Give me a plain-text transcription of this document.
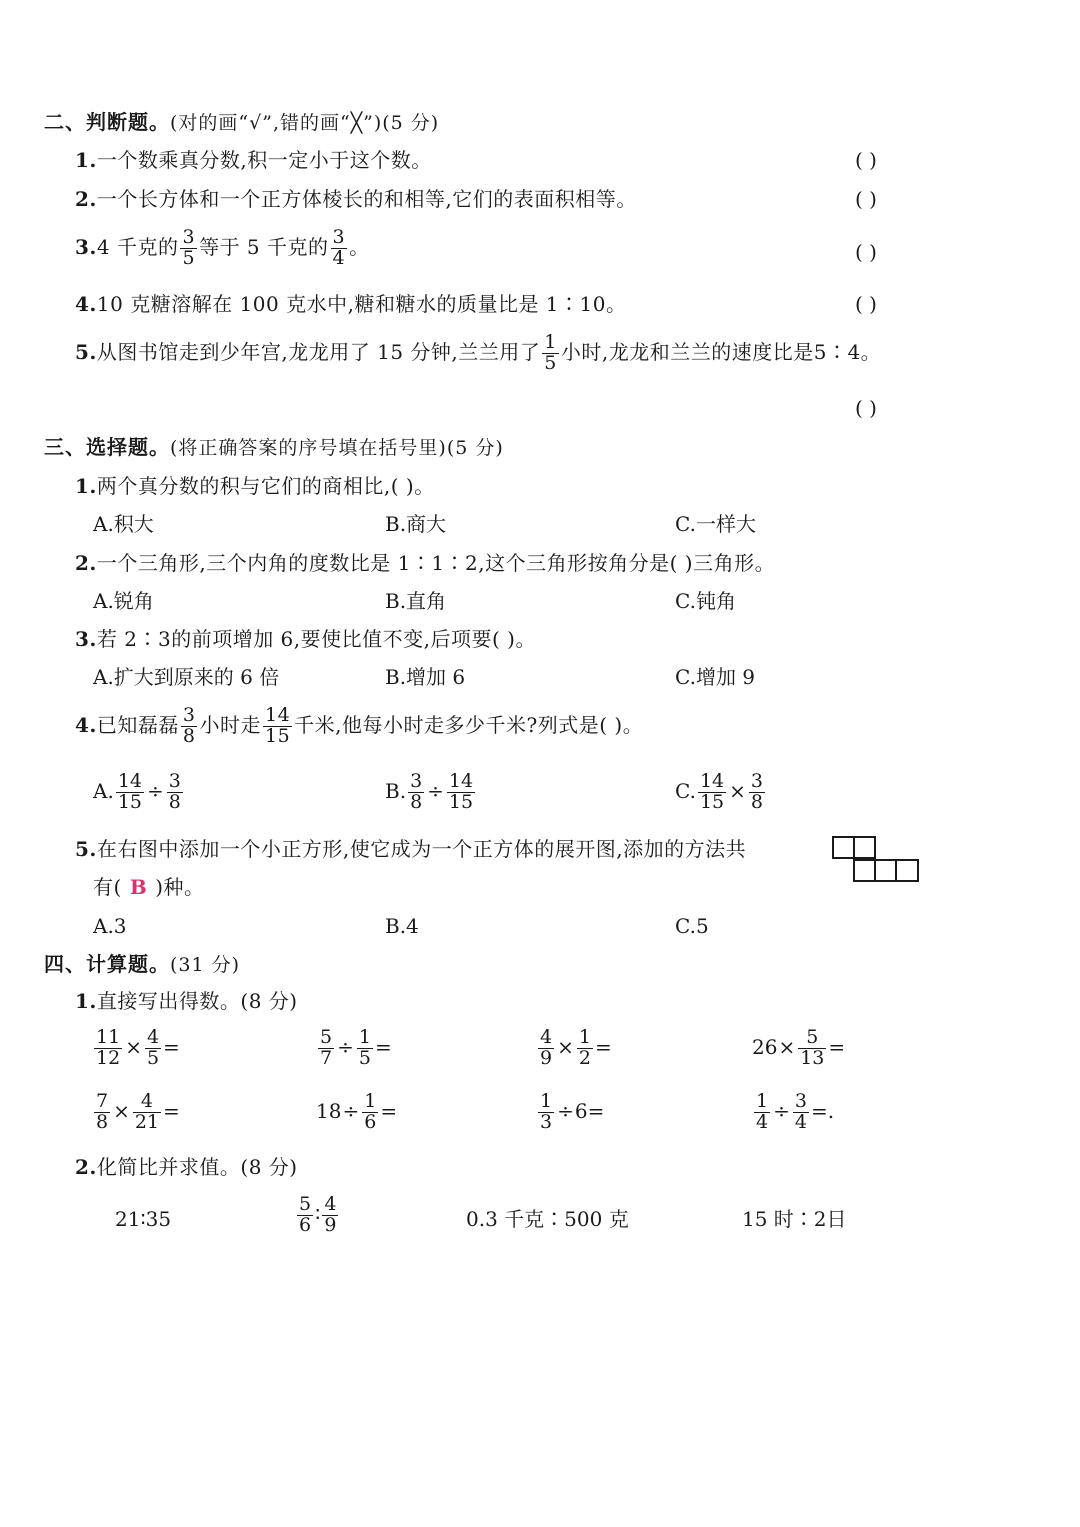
二、判断题。(对的画“√”,错的画“╳”)(5 分)
1.一个数乘真分数,积一定小于这个数。	( )
2.一个长方体和一个正方体棱长的和相等,它们的表面积相等。	( )
3.4 千克的 $\frac{3}{5}$ 等于 5 千克的 $\frac{3}{4}$ 。	( )
4.10 克糖溶解在 100 克水中,糖和糖水的质量比是 1∶10。	( )
5.从图书馆走到少年宫,龙龙用了 15 分钟,兰兰用了 $\frac{1}{5}$ 小时,龙龙和兰兰的速度比是5∶4。
( )
三、选择题。(将正确答案的序号填在括号里)(5 分)
1.两个真分数的积与它们的商相比,( )。
A.积大	B.商大	C.一样大
2.一个三角形,三个内角的度数比是 1∶1∶2,这个三角形按角分是( )三角形。
A.锐角	B.直角	C.钝角
3.若 2∶3的前项增加 6,要使比值不变,后项要( )。
A.扩大到原来的 6 倍	B.增加 6	C.增加 9
4.已知磊磊 $\frac{3}{8}$ 小时走 $\frac{14}{15}$ 千米,他每小时走多少千米?列式是( )。
A. $\frac{14}{15} \div \frac{3}{8}$	B. $\frac{3}{8} \div \frac{14}{15}$	C. $\frac{14}{15} \times \frac{3}{8}$
5.在右图中添加一个小正方形,使它成为一个正方体的展开图,添加的方法共
有( B )种。
A.3	B.4	C.5
四、计算题。(31 分)
1.直接写出得数。(8 分)
$\frac{11}{12} \times \frac{4}{5}$ =	$\frac{5}{7} \div \frac{1}{5}$ =	$\frac{4}{9} \times \frac{1}{2}$ =	$26\times \frac{5}{13}$ =
$\frac{7}{8} \times \frac{4}{21}$ =	$18\div \frac{1}{6}$ =	$\frac{1}{3} \div 6=$	$\frac{1}{4} \div \frac{3}{4}$ =.
2.化简比并求值。(8 分)
21∶35	$\frac{5}{6}$ ∶ $\frac{4}{9}$	0.3 千克∶500 克	15 时∶2日
